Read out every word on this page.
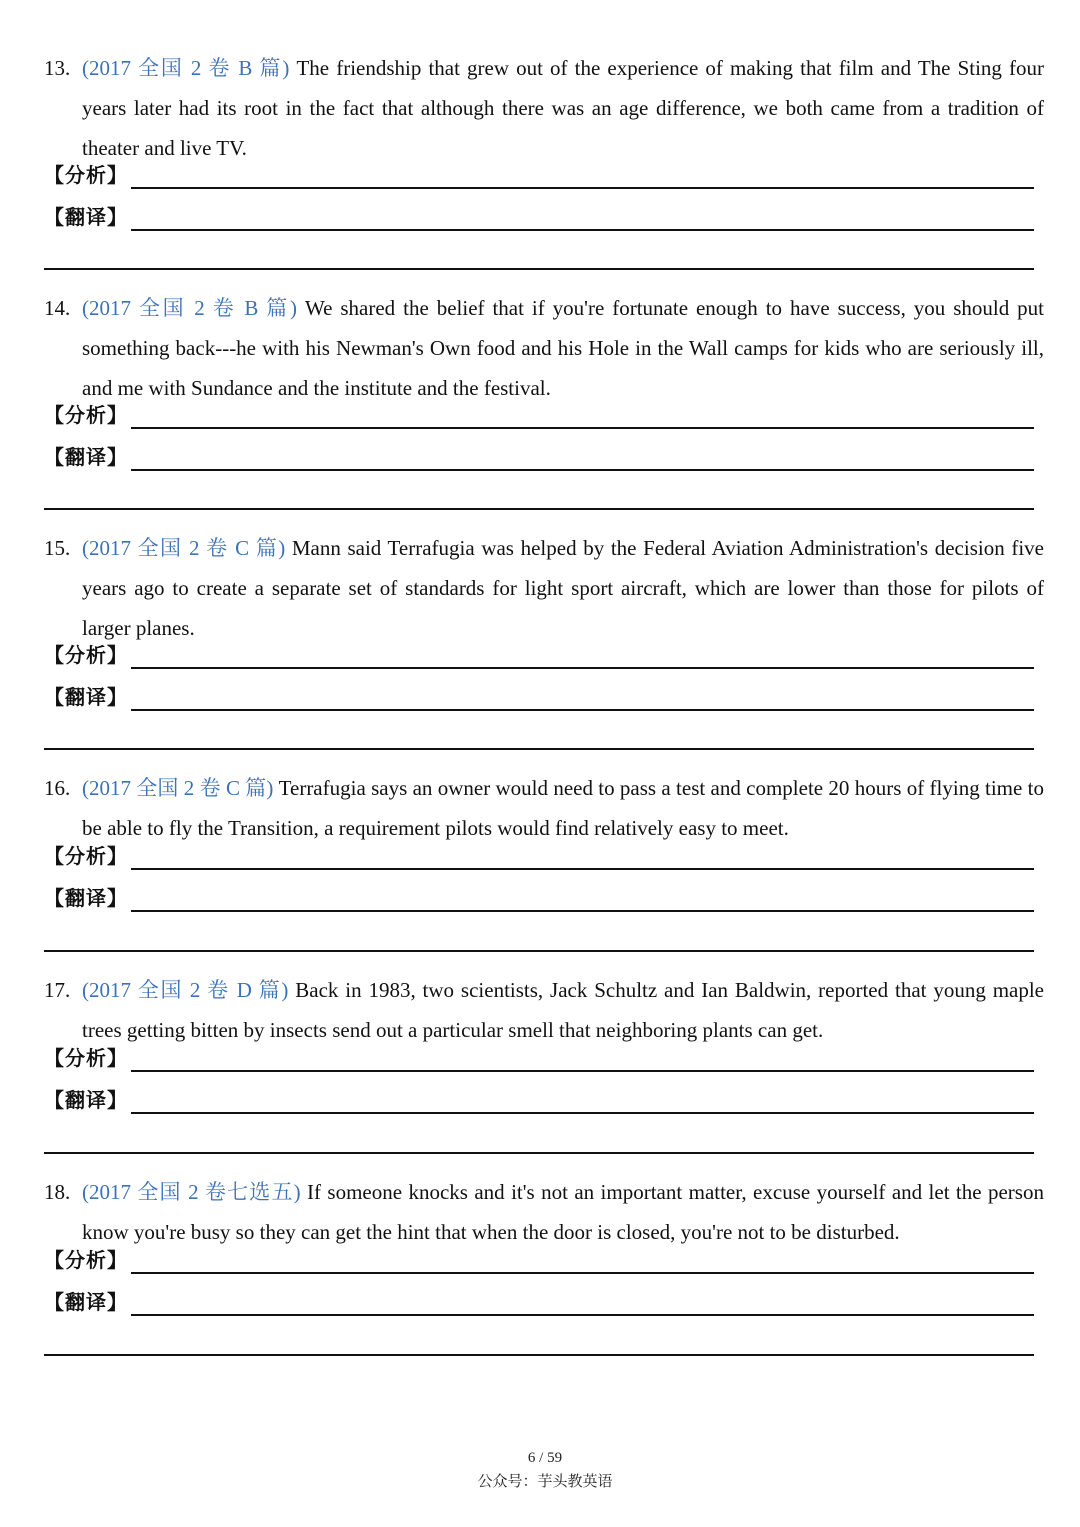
13. (2017 全国 2 卷 B 篇) The friendship that grew out of the experience of making that film and The Sting four years later had its root in the fact that although there was an age difference, we both came from a tradition of theater and live TV.
【分析】
【翻译】
14. (2017 全国 2 卷 B 篇) We shared the belief that if you're fortunate enough to have success, you should put something back---he with his Newman's Own food and his Hole in the Wall camps for kids who are seriously ill, and me with Sundance and the institute and the festival.
【分析】
【翻译】
15. (2017 全国 2 卷 C 篇) Mann said Terrafugia was helped by the Federal Aviation Administration's decision five years ago to create a separate set of standards for light sport aircraft, which are lower than those for pilots of larger planes.
【分析】
【翻译】
16. (2017 全国 2 卷 C 篇) Terrafugia says an owner would need to pass a test and complete 20 hours of flying time to be able to fly the Transition, a requirement pilots would find relatively easy to meet.
【分析】
【翻译】
17. (2017 全国 2 卷 D 篇) Back in 1983, two scientists, Jack Schultz and Ian Baldwin, reported that young maple trees getting bitten by insects send out a particular smell that neighboring plants can get.
【分析】
【翻译】
18. (2017 全国 2 卷七选五) If someone knocks and it's not an important matter, excuse yourself and let the person know you're busy so they can get the hint that when the door is closed, you're not to be disturbed.
【分析】
【翻译】
6 / 59
公众号：芋头教英语
